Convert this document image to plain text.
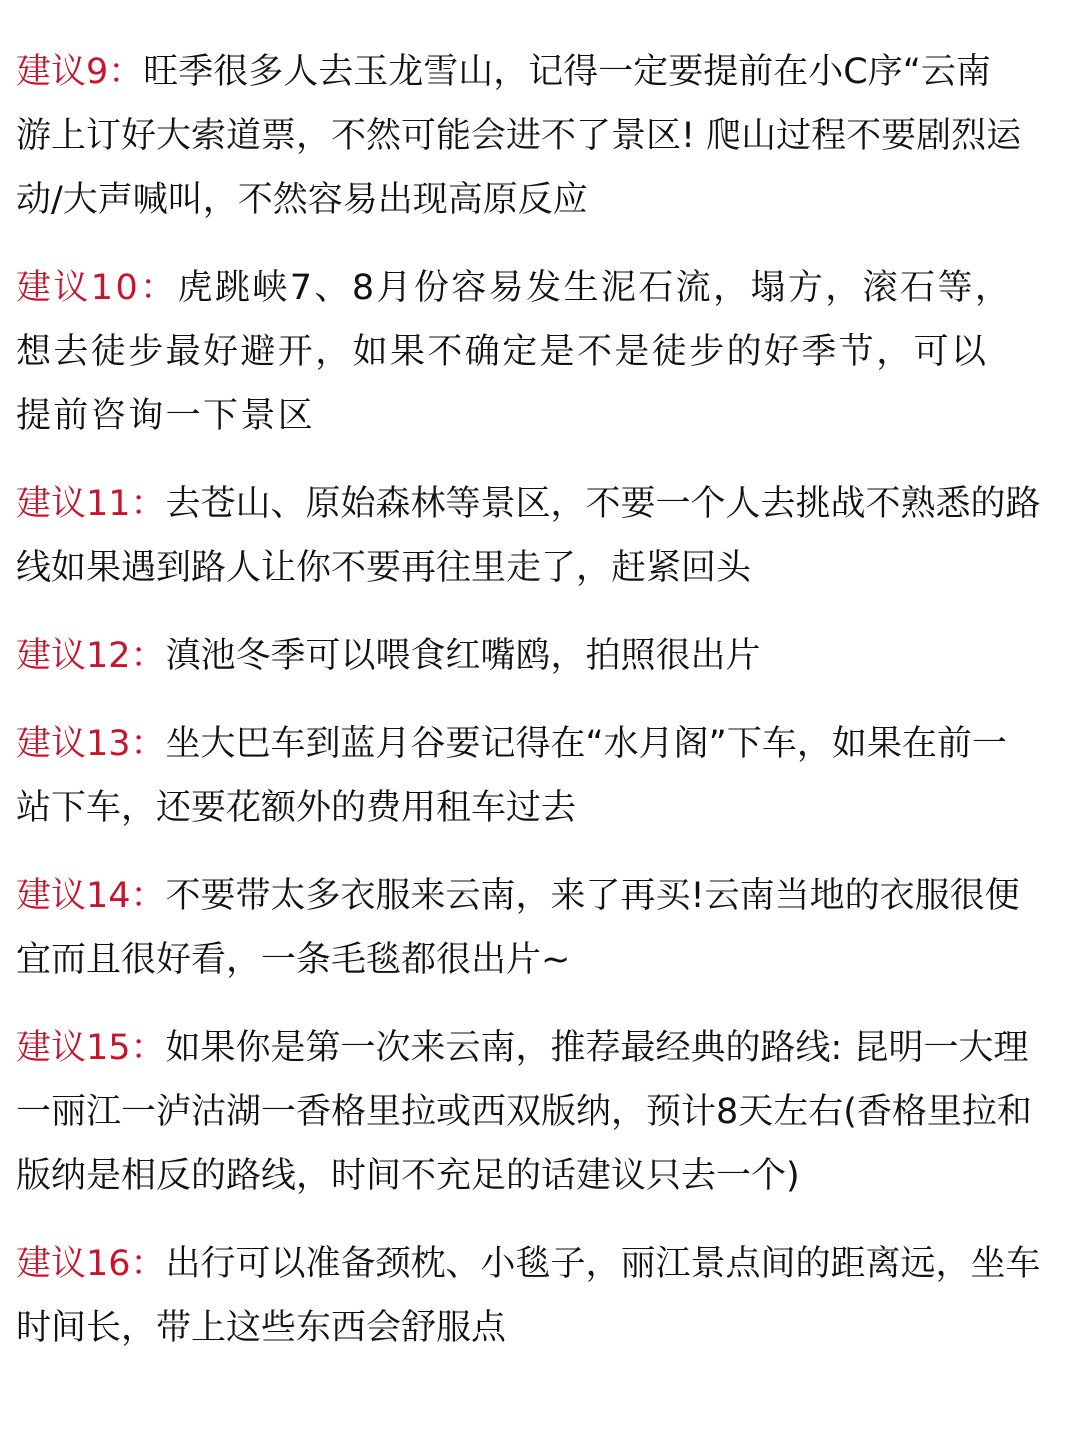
建议9：旺季很多人去玉龙雪山，记得一定要提前在小C序“云南
游上订好大索道票，不然可能会进不了景区! 爬山过程不要剧烈运
动/大声喊叫，不然容易出现高原反应
建议10：虎跳峡7、8月份容易发生泥石流，塌方，滚石等，
想去徒步最好避开，如果不确定是不是徒步的好季节，可以
提前咨询一下景区
建议11：去苍山、原始森林等景区，不要一个人去挑战不熟悉的路
线如果遇到路人让你不要再往里走了，赶紧回头
建议12：滇池冬季可以喂食红嘴鸥，拍照很出片
建议13：坐大巴车到蓝月谷要记得在“水月阁”下车，如果在前一
站下车，还要花额外的费用租车过去
建议14：不要带太多衣服来云南，来了再买!云南当地的衣服很便
宜而且很好看，一条毛毯都很出片~
建议15：如果你是第一次来云南，推荐最经典的路线: 昆明一大理
一丽江一泸沽湖一香格里拉或西双版纳，预计8天左右(香格里拉和
版纳是相反的路线，时间不充足的话建议只去一个)
建议16：出行可以准备颈枕、小毯子，丽江景点间的距离远，坐车
时间长，带上这些东西会舒服点
